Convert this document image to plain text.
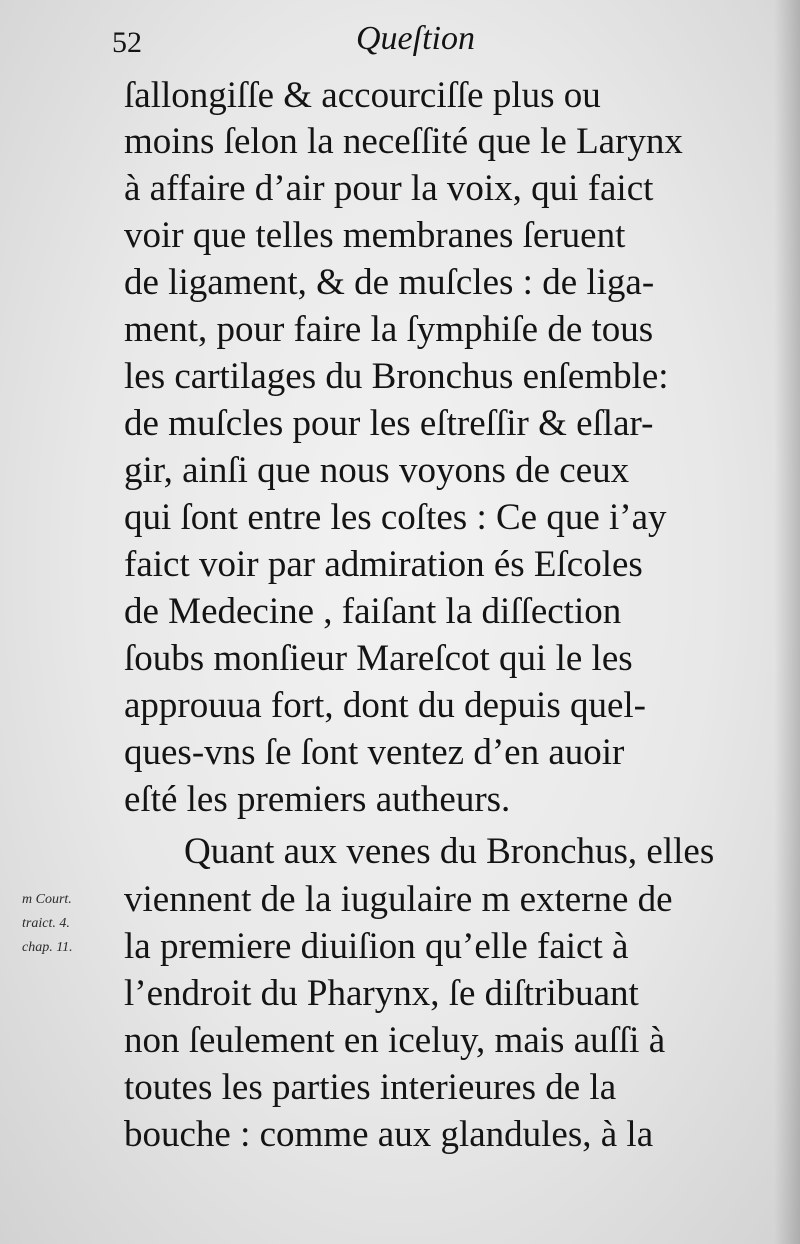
52	Queſtion
ſallongiſſe & accourciſſe plus ou
moins ſelon la neceſſité que le Larynx
à affaire d’air pour la voix, qui faict
voir que telles membranes ſeruent
de ligament, & de muſcles : de liga-
ment, pour faire la ſymphiſe de tous
les cartilages du Bronchus enſemble:
de muſcles pour les eſtreſſir & eſlar-
gir, ainſi que nous voyons de ceux
qui ſont entre les coſtes : Ce que i’ay
faict voir par admiration és Eſcoles
de Medecine , faiſant la diſſection
ſoubs monſieur Mareſcot qui le les
approuua fort, dont du depuis quel-
ques-vns ſe ſont ventez d’en auoir
eſté les premiers autheurs.
Quant aux venes du Bronchus, elles
viennent de la iugulaire m externe de
la premiere diuiſion qu’elle faict à
l’endroit du Pharynx, ſe diſtribuant
non ſeulement en iceluy, mais auſſi à
toutes les parties interieures de la
bouche : comme aux glandules, à la
m Court.
traict. 4.
chap. 11.
